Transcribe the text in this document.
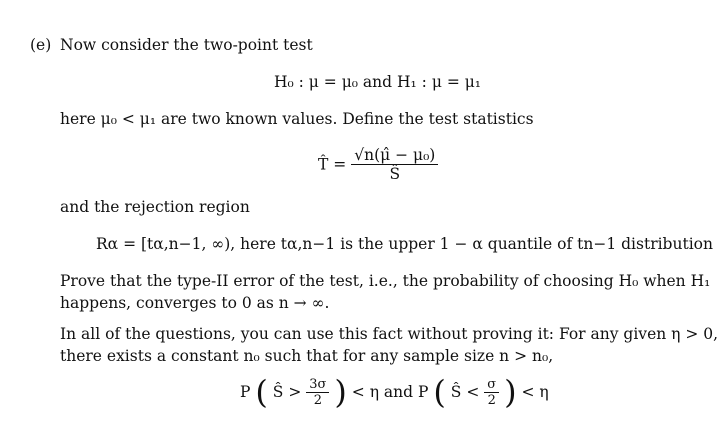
(e) Now consider the two-point test
H₀ : μ = μ₀ and H₁ : μ = μ₁
here μ₀ < μ₁ are two known values. Define the test statistics
T̂ = $\frac{\text{√n(μ̂ − μ₀)}}{Ŝ}$
and the rejection region
Rα = [tα,n−1, ∞), here tα,n−1 is the upper 1 − α quantile of tn−1 distribution
Prove that the type-II error of the test, i.e., the probability of choosing H₀ when H₁
happens, converges to 0 as n → ∞.
In all of the questions, you can use this fact without proving it: For any given η > 0,
there exists a constant n₀ such that for any sample size n > n₀,
P ( Ŝ > $\frac{3\sigma}{2}$ ) < η and P ( Ŝ < $\frac{\sigma}{2}$ ) < η
